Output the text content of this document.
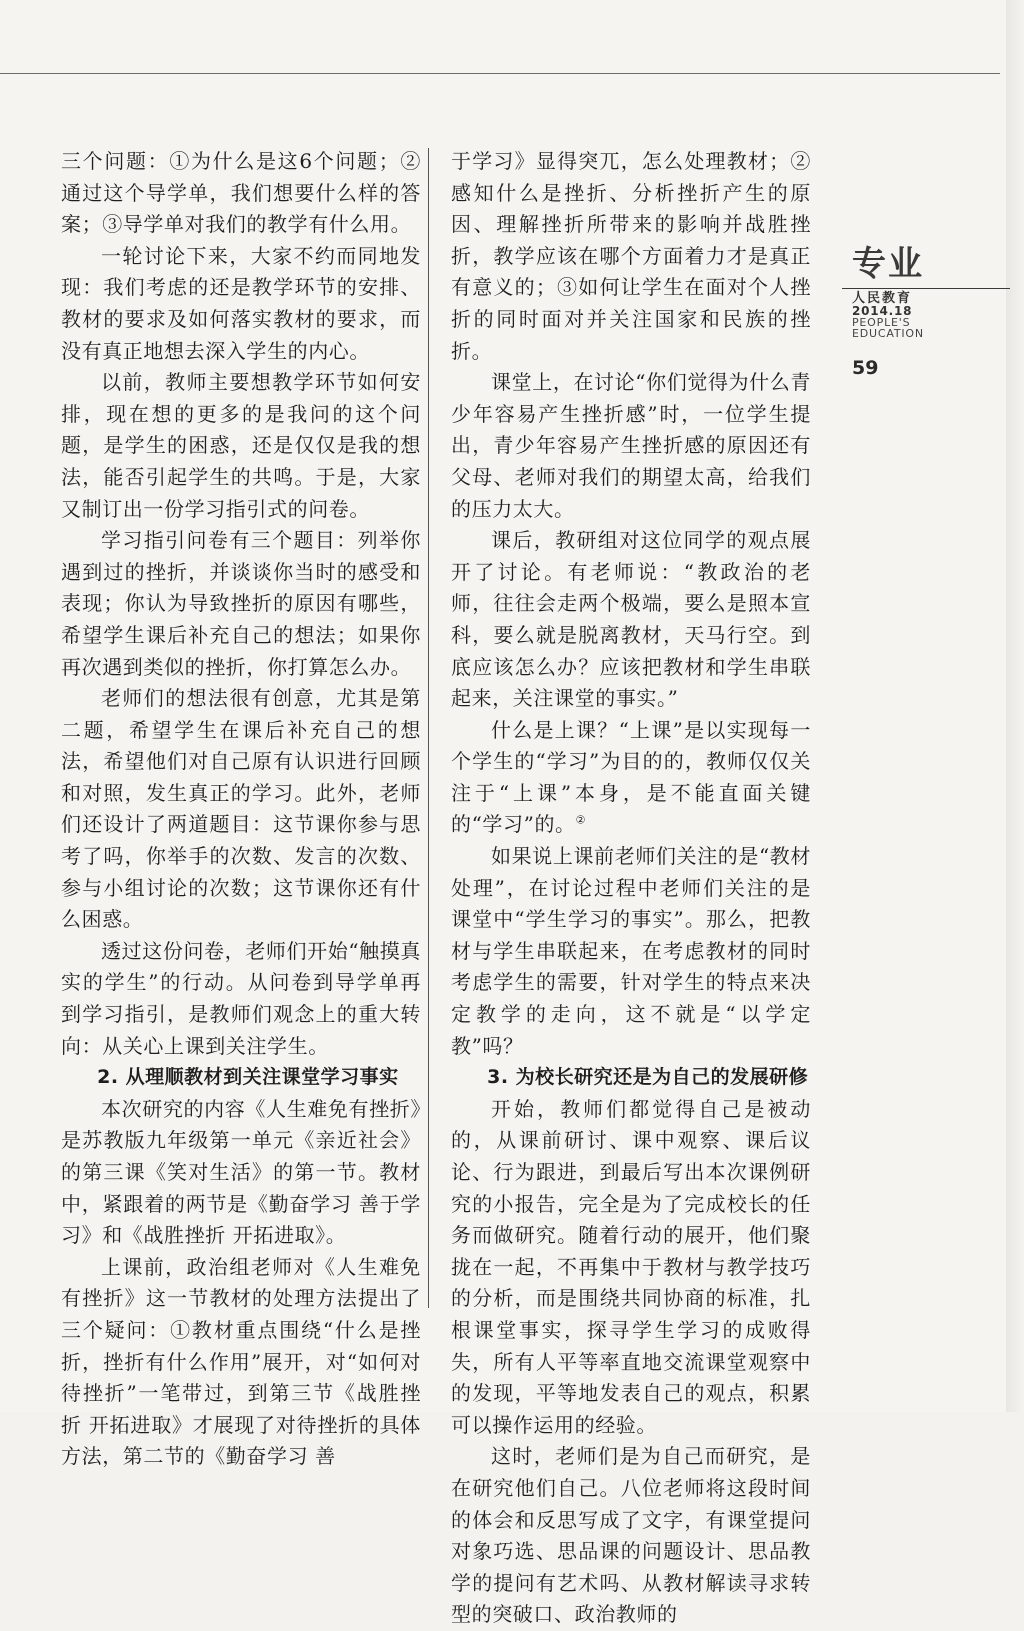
三个问题：①为什么是这6个问题；②通过这个导学单，我们想要什么样的答案；③导学单对我们的教学有什么用。

一轮讨论下来，大家不约而同地发现：我们考虑的还是教学环节的安排、教材的要求及如何落实教材的要求，而没有真正地想去深入学生的内心。

以前，教师主要想教学环节如何安排，现在想的更多的是我问的这个问题，是学生的困惑，还是仅仅是我的想法，能否引起学生的共鸣。于是，大家又制订出一份学习指引式的问卷。

学习指引问卷有三个题目：列举你遇到过的挫折，并谈谈你当时的感受和表现；你认为导致挫折的原因有哪些，希望学生课后补充自己的想法；如果你再次遇到类似的挫折，你打算怎么办。

老师们的想法很有创意，尤其是第二题，希望学生在课后补充自己的想法，希望他们对自己原有认识进行回顾和对照，发生真正的学习。此外，老师们还设计了两道题目：这节课你参与思考了吗，你举手的次数、发言的次数、参与小组讨论的次数；这节课你还有什么困惑。

透过这份问卷，老师们开始“触摸真实的学生”的行动。从问卷到导学单再到学习指引，是教师们观念上的重大转向：从关心上课到关注学生。

2. 从理顺教材到关注课堂学习事实

本次研究的内容《人生难免有挫折》是苏教版九年级第一单元《亲近社会》的第三课《笑对生活》的第一节。教材中，紧跟着的两节是《勤奋学习 善于学习》和《战胜挫折 开拓进取》。

上课前，政治组老师对《人生难免有挫折》这一节教材的处理方法提出了三个疑问：①教材重点围绕“什么是挫折，挫折有什么作用”展开，对“如何对待挫折”一笔带过，到第三节《战胜挫折 开拓进取》才展现了对待挫折的具体方法，第二节的《勤奋学习 善

于学习》显得突兀，怎么处理教材；②感知什么是挫折、分析挫折产生的原因、理解挫折所带来的影响并战胜挫折，教学应该在哪个方面着力才是真正有意义的；③如何让学生在面对个人挫折的同时面对并关注国家和民族的挫折。

课堂上，在讨论“你们觉得为什么青少年容易产生挫折感”时，一位学生提出，青少年容易产生挫折感的原因还有父母、老师对我们的期望太高，给我们的压力太大。

课后，教研组对这位同学的观点展开了讨论。有老师说：“教政治的老师，往往会走两个极端，要么是照本宣科，要么就是脱离教材，天马行空。到底应该怎么办？应该把教材和学生串联起来，关注课堂的事实。”

什么是上课？“上课”是以实现每一个学生的“学习”为目的的，教师仅仅关注于“上课”本身，是不能直面关键的“学习”的。②

如果说上课前老师们关注的是“教材处理”，在讨论过程中老师们关注的是课堂中“学生学习的事实”。那么，把教材与学生串联起来，在考虑教材的同时考虑学生的需要，针对学生的特点来决定教学的走向，这不就是“以学定教”吗？

3. 为校长研究还是为自己的发展研修

开始，教师们都觉得自己是被动的，从课前研讨、课中观察、课后议论、行为跟进，到最后写出本次课例研究的小报告，完全是为了完成校长的任务而做研究。随着行动的展开，他们聚拢在一起，不再集中于教材与教学技巧的分析，而是围绕共同协商的标准，扎根课堂事实，探寻学生学习的成败得失，所有人平等率直地交流课堂观察中的发现，平等地发表自己的观点，积累可以操作运用的经验。

这时，老师们是为自己而研究，是在研究他们自己。八位老师将这段时间的体会和反思写成了文字，有课堂提问对象巧选、思品课的问题设计、思品教学的提问有艺术吗、从教材解读寻求转型的突破口、政治教师的

专业
人民教育
2014.18
PEOPLE'S
EDUCATION
59
